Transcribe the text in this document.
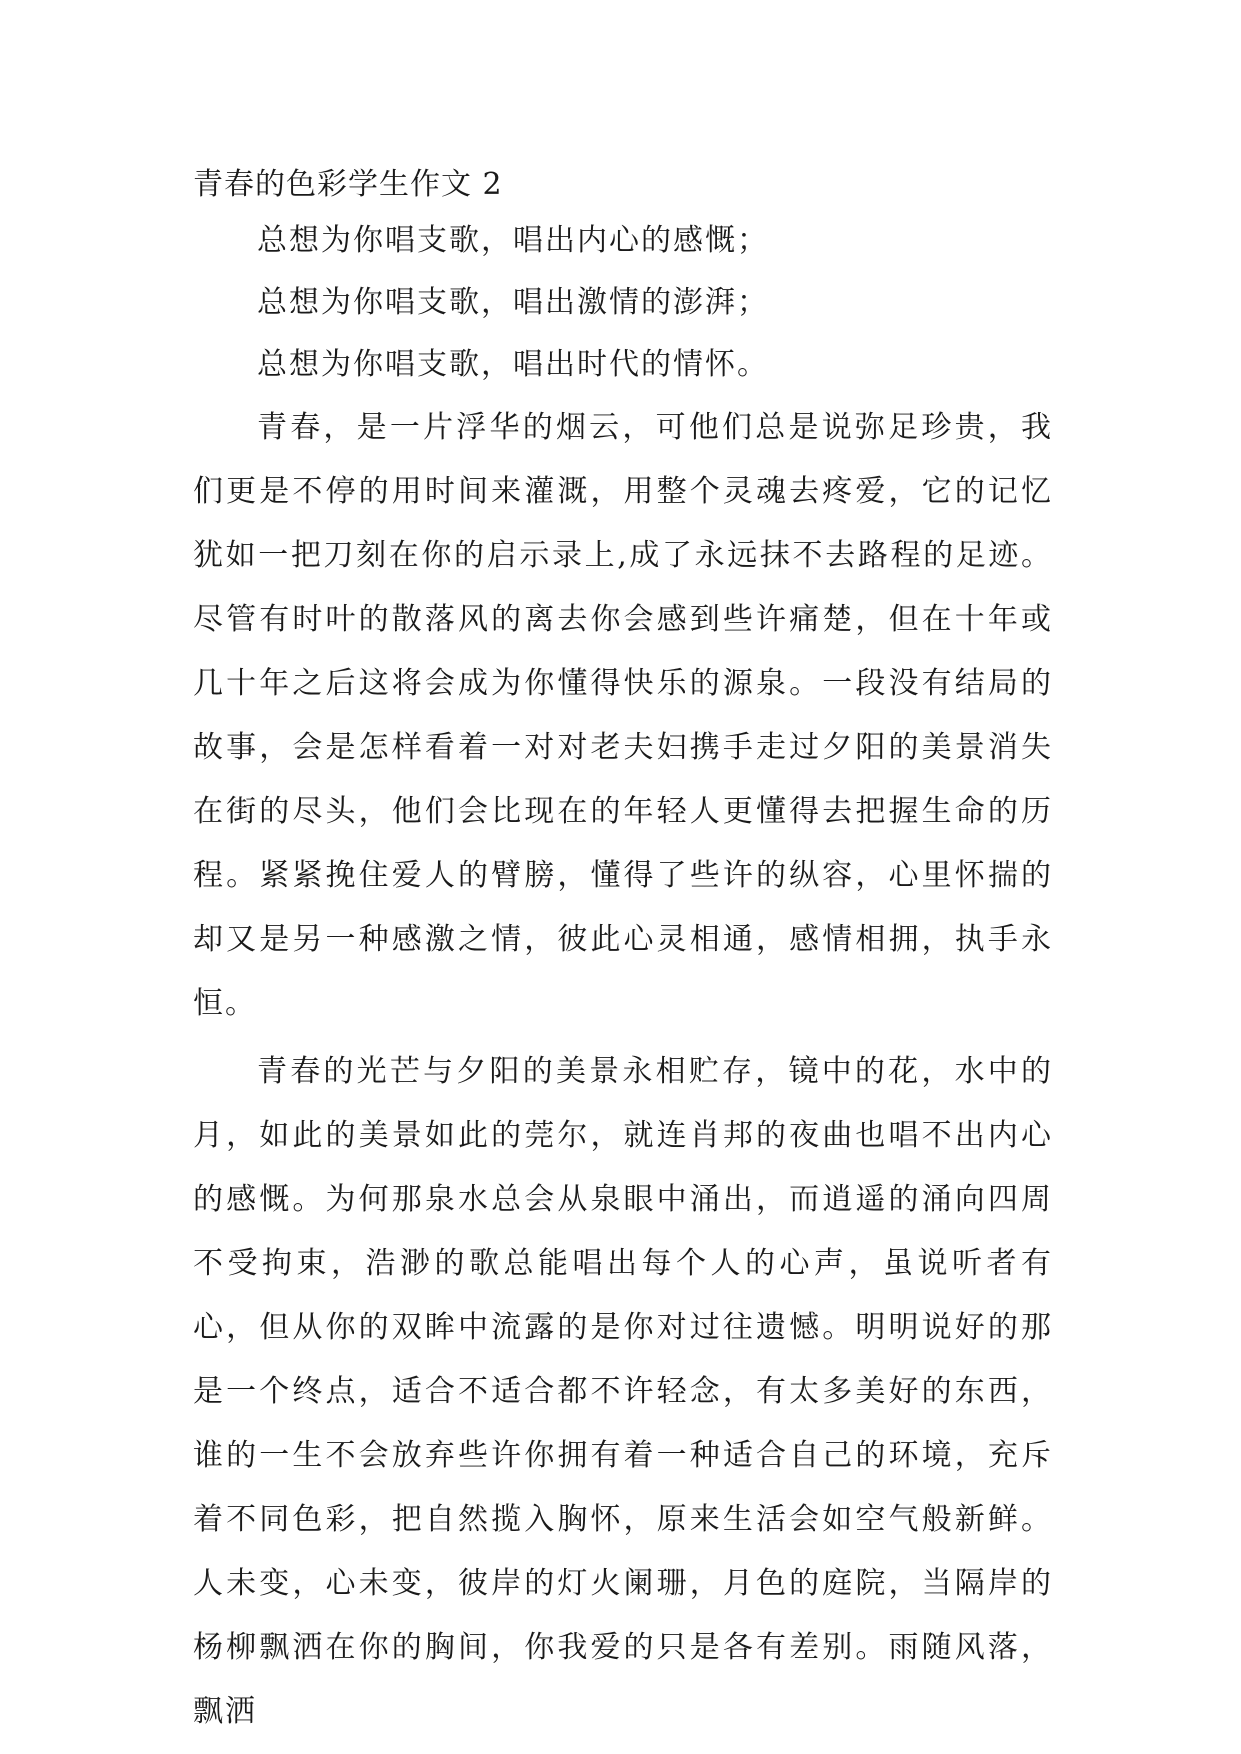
青春的色彩学生作文 2

总想为你唱支歌，唱出内心的感慨；

总想为你唱支歌，唱出激情的澎湃；

总想为你唱支歌，唱出时代的情怀。

青春，是一片浮华的烟云，可他们总是说弥足珍贵，我们更是不停的用时间来灌溉，用整个灵魂去疼爱，它的记忆犹如一把刀刻在你的启示录上,成了永远抹不去路程的足迹。尽管有时叶的散落风的离去你会感到些许痛楚，但在十年或几十年之后这将会成为你懂得快乐的源泉。一段没有结局的故事，会是怎样看着一对对老夫妇携手走过夕阳的美景消失在街的尽头，他们会比现在的年轻人更懂得去把握生命的历程。紧紧挽住爱人的臂膀，懂得了些许的纵容，心里怀揣的却又是另一种感激之情，彼此心灵相通，感情相拥，执手永恒。

青春的光芒与夕阳的美景永相贮存，镜中的花，水中的月，如此的美景如此的莞尔，就连肖邦的夜曲也唱不出内心的感慨。为何那泉水总会从泉眼中涌出，而逍遥的涌向四周不受拘束，浩渺的歌总能唱出每个人的心声，虽说听者有心，但从你的双眸中流露的是你对过往遗憾。明明说好的那是一个终点，适合不适合都不许轻念，有太多美好的东西，谁的一生不会放弃些许你拥有着一种适合自己的环境，充斥着不同色彩，把自然揽入胸怀，原来生活会如空气般新鲜。人未变，心未变，彼岸的灯火阑珊，月色的庭院，当隔岸的杨柳飘洒在你的胸间，你我爱的只是各有差别。雨随风落，飘洒
